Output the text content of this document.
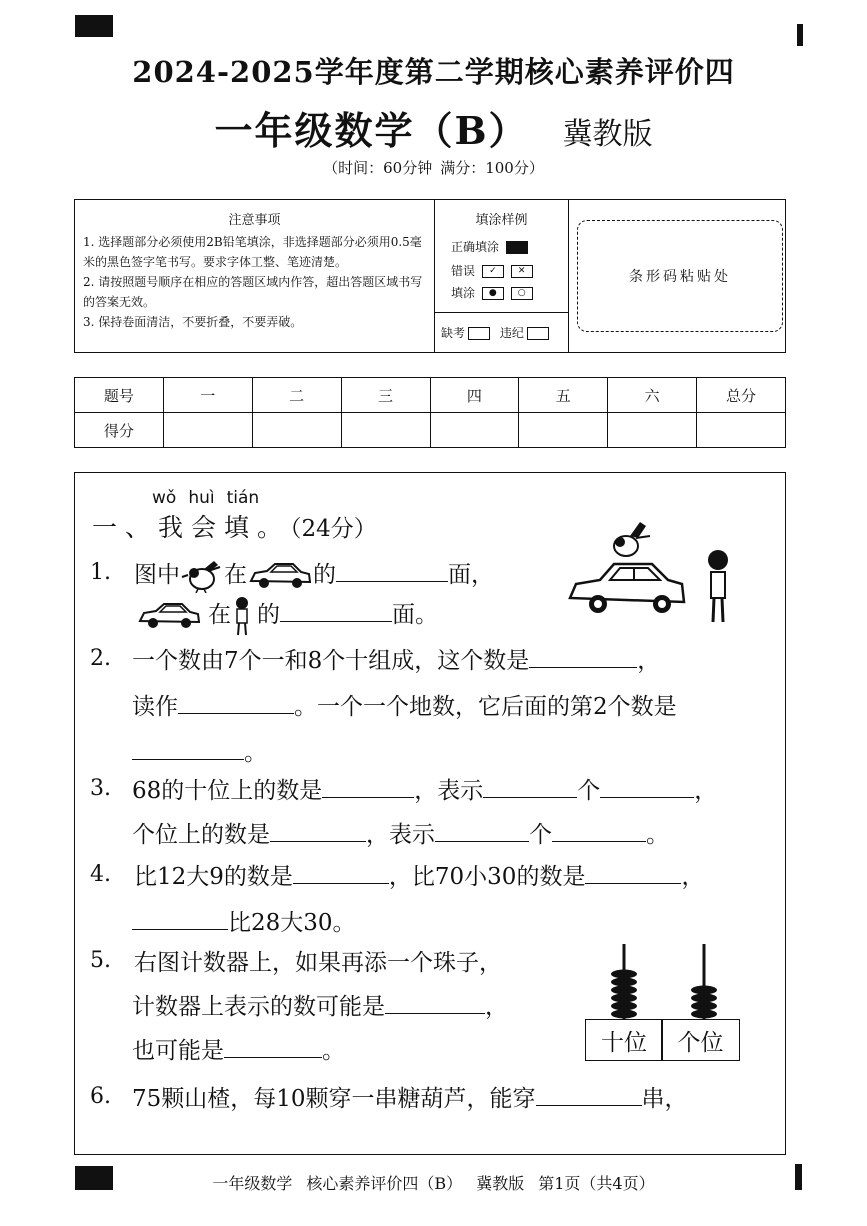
2024-2025学年度第二学期核心素养评价四
一年级数学（B） 冀教版
（时间：60分钟 满分：100分）
注意事项
1. 选择题部分必须使用2B铅笔填涂，非选择题部分必须用0.5毫米的黑色签字笔书写。要求字体工整、笔迹清楚。
2. 请按照题号顺序在相应的答题区域内作答，超出答题区域书写的答案无效。
3. 保持卷面清洁，不要折叠，不要弄破。
填涂样例
正确填涂
错误 ✓ ✕
填涂 ● ○
缺考	违纪
条形码粘贴处
题号	一	二	三	四	五	六	总分
得分							
wǒ huì tián
一、我会填。（24分）
1. 图中 在	的	面，
在 的	面。
2. 一个数由7个一和8个十组成，这个数是	，
读作	。一个一个地数，它后面的第2个数是
。
3. 68的十位上的数是	，表示	个	，
个位上的数是	，表示	个	。
4. 比12大9的数是	，比70小30的数是	，
比28大30。
5. 右图计数器上，如果再添一个珠子，
计数器上表示的数可能是	，
也可能是	。	十位	个位
6. 75颗山楂，每10颗穿一串糖葫芦，能穿	串，
一年级数学 核心素养评价四（B） 冀教版 第1页（共4页）
